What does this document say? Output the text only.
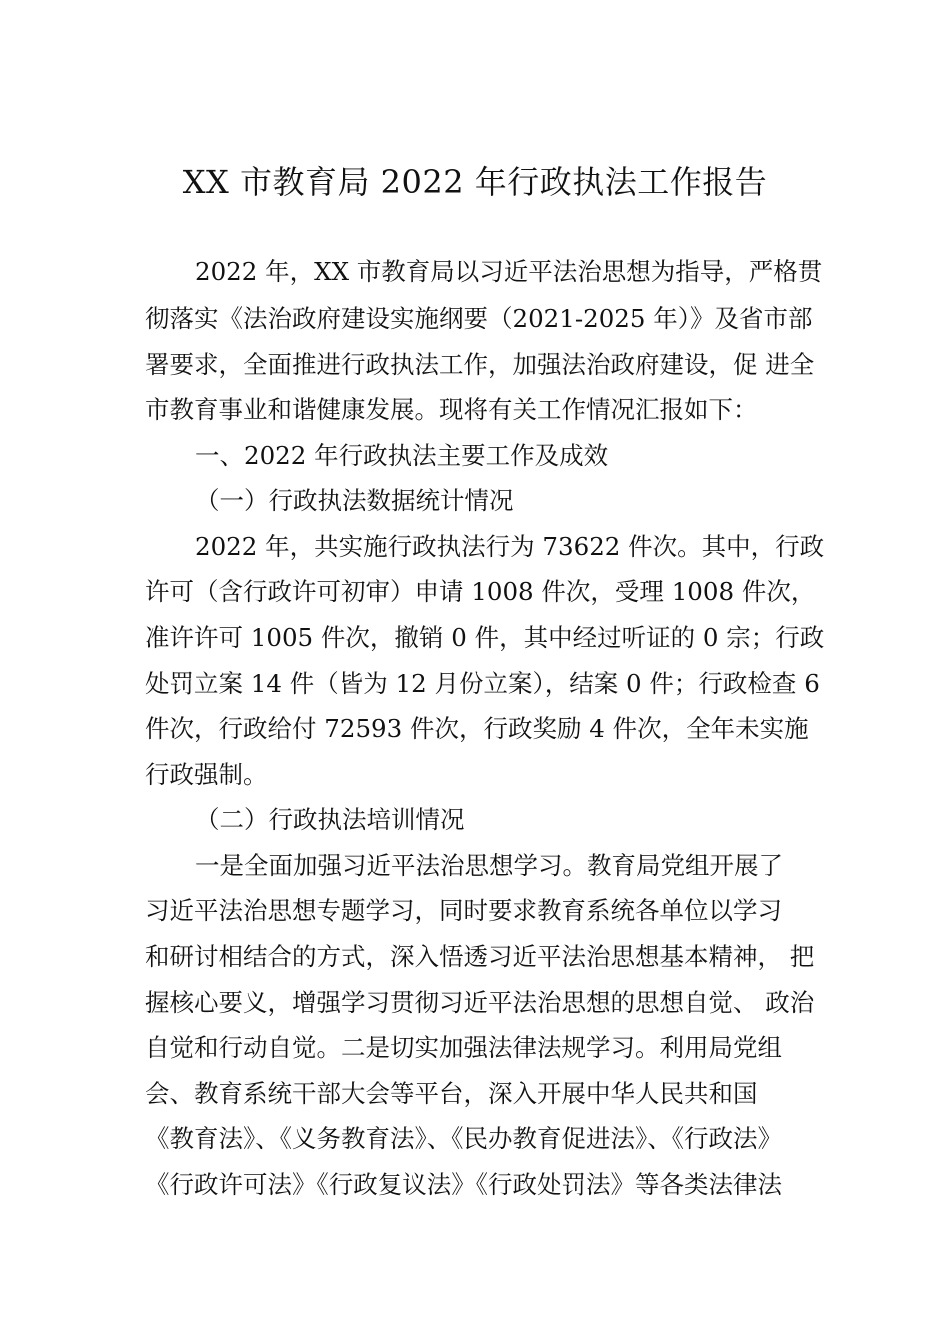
XX 市教育局 2022 年行政执法工作报告
2022 年，XX 市教育局以习近平法治思想为指导，严格贯
彻落实《法治政府建设实施纲要（2021-2025 年）》及省市部
署要求，全面推进行政执法工作，加强法治政府建设，促 进全
市教育事业和谐健康发展。现将有关工作情况汇报如下：
一、2022 年行政执法主要工作及成效
（一）行政执法数据统计情况
2022 年，共实施行政执法行为 73622 件次。其中，行政
许可（含行政许可初审）申请 1008 件次，受理 1008 件次，
准许许可 1005 件次，撤销 0 件，其中经过听证的 0 宗；行政
处罚立案 14 件（皆为 12 月份立案），结案 0 件；行政检查 6
件次，行政给付 72593 件次，行政奖励 4 件次，全年未实施
行政强制。
（二）行政执法培训情况
一是全面加强习近平法治思想学习。教育局党组开展了
习近平法治思想专题学习，同时要求教育系统各单位以学习
和研讨相结合的方式，深入悟透习近平法治思想基本精神， 把
握核心要义，增强学习贯彻习近平法治思想的思想自觉、 政治
自觉和行动自觉。二是切实加强法律法规学习。利用局党组
会、教育系统干部大会等平台，深入开展中华人民共和国
《教育法》、《义务教育法》、《民办教育促进法》、《行政法》
《行政许可法》《行政复议法》《行政处罚法》等各类法律法
